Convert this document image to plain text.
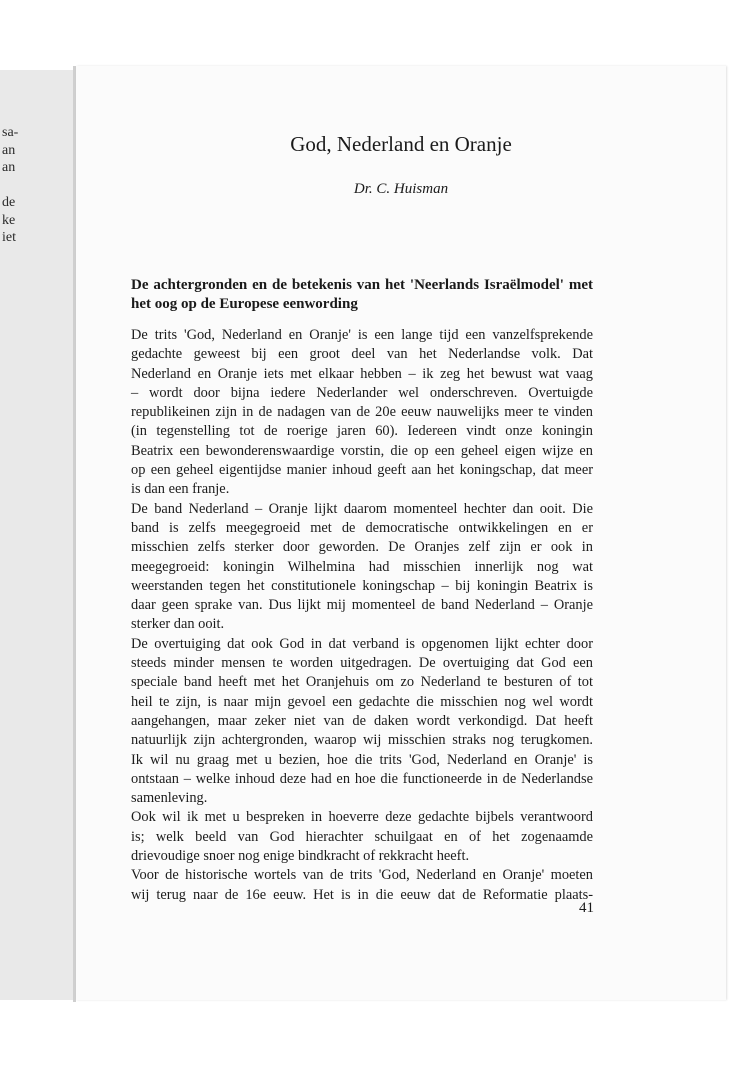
sa-
an
an
de
ke
iet
God, Nederland en Oranje
Dr. C. Huisman
De achtergronden en de betekenis van het 'Neerlands Israëlmodel' met het oog op de Europese eenwording
De trits 'God, Nederland en Oranje' is een lange tijd een vanzelfsprekende
gedachte geweest bij een groot deel van het Nederlandse volk. Dat
Nederland en Oranje iets met elkaar hebben – ik zeg het bewust wat vaag
– wordt door bijna iedere Nederlander wel onderschreven. Overtuigde
republikeinen zijn in de nadagen van de 20e eeuw nauwelijks meer te vinden
(in tegenstelling tot de roerige jaren 60). Iedereen vindt onze koningin
Beatrix een bewonderenswaardige vorstin, die op een geheel eigen wijze en
op een geheel eigentijdse manier inhoud geeft aan het koningschap, dat meer
is dan een franje.
De band Nederland – Oranje lijkt daarom momenteel hechter dan ooit. Die
band is zelfs meegegroeid met de democratische ontwikkelingen en er
misschien zelfs sterker door geworden. De Oranjes zelf zijn er ook in
meegegroeid: koningin Wilhelmina had misschien innerlijk nog wat
weerstanden tegen het constitutionele koningschap – bij koningin Beatrix is
daar geen sprake van. Dus lijkt mij momenteel de band Nederland – Oranje
sterker dan ooit.
De overtuiging dat ook God in dat verband is opgenomen lijkt echter door
steeds minder mensen te worden uitgedragen. De overtuiging dat God een
speciale band heeft met het Oranjehuis om zo Nederland te besturen of tot
heil te zijn, is naar mijn gevoel een gedachte die misschien nog wel wordt
aangehangen, maar zeker niet van de daken wordt verkondigd. Dat heeft
natuurlijk zijn achtergronden, waarop wij misschien straks nog terugkomen.
Ik wil nu graag met u bezien, hoe die trits 'God, Nederland en Oranje' is
ontstaan – welke inhoud deze had en hoe die functioneerde in de Nederlandse
samenleving.
Ook wil ik met u bespreken in hoeverre deze gedachte bijbels verantwoord
is; welk beeld van God hierachter schuilgaat en of het zogenaamde
drievoudige snoer nog enige bindkracht of rekkracht heeft.
Voor de historische wortels van de trits 'God, Nederland en Oranje' moeten
wij terug naar de 16e eeuw. Het is in die eeuw dat de Reformatie plaats-
41
